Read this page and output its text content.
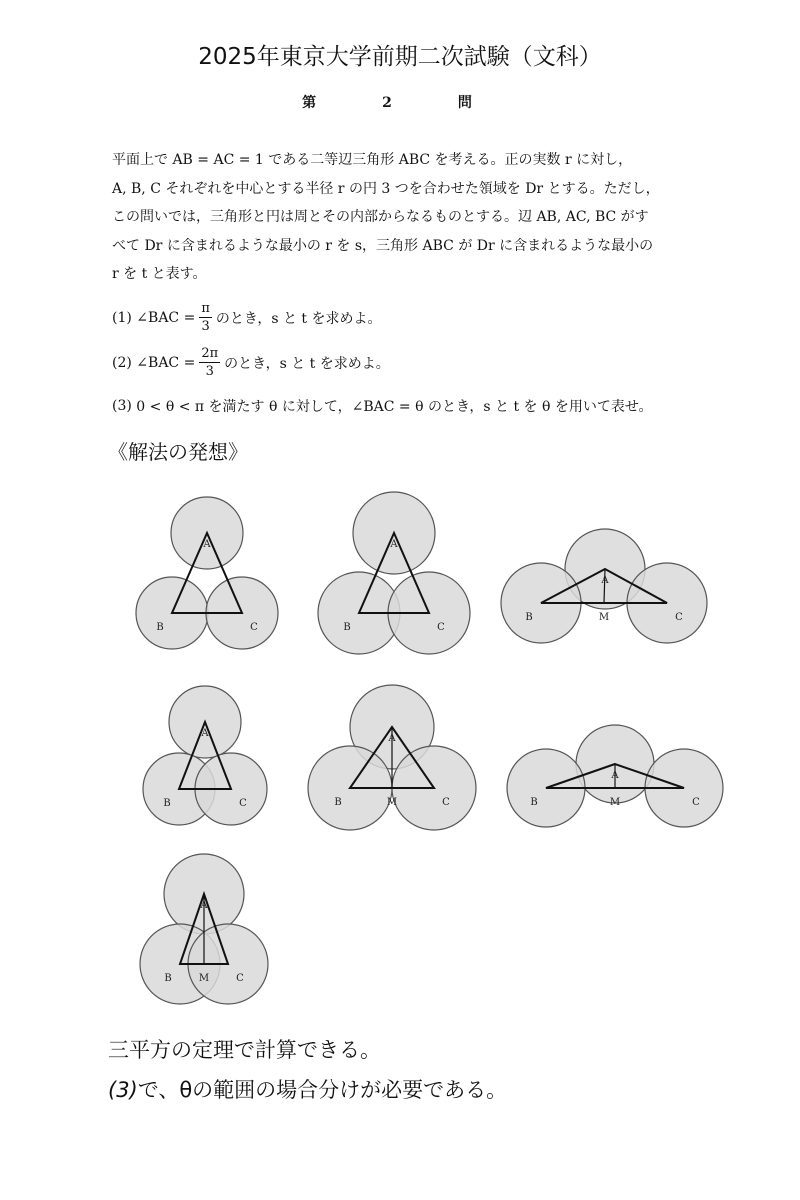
2025年東京大学前期二次試験（文科）
第　2　問
平面上で AB = AC = 1 である二等辺三角形 ABC を考える。正の実数 r に対し，
A, B, C それぞれを中心とする半径 r の円 3 つを合わせた領域を Dr とする。ただし，
この問いでは，三角形と円は周とその内部からなるものとする。辺 AB, AC, BC がす
べて Dr に含まれるような最小の r を s，三角形 ABC が Dr に含まれるような最小の
r を t と表す。
(1)
∠BAC = $\frac{\pi}{3}$ のとき，s と t を求めよ。
(2)
∠BAC = $\frac{2\pi}{3}$ のとき，s と t を求めよ。
(3)
0 < θ < π を満たす θ に対して，∠BAC = θ のとき，s と t を θ を用いて表せ。
《解法の発想》
A
B	C
A
B	C
A
B	C
M
A
B	C
A
B	C
M
A
B	C
M
A
B	C
M
三平方の定理で計算できる。
(3)で、θの範囲の場合分けが必要である。
